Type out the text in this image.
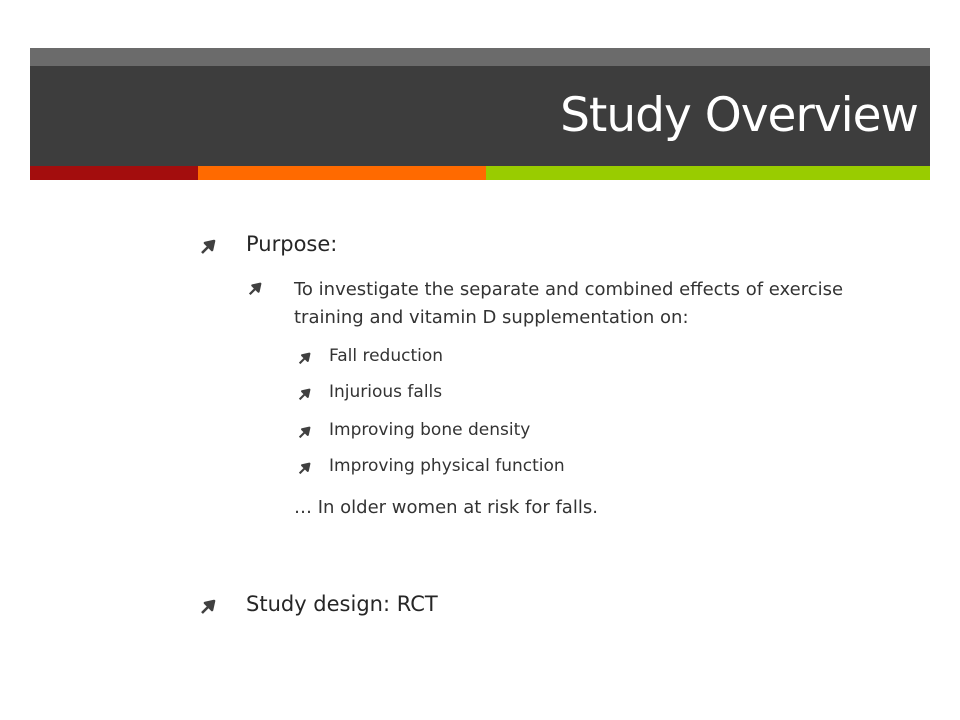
Study Overview
Purpose:
To investigate the separate and combined effects of exercise training and vitamin D supplementation on:
Fall reduction
Injurious falls
Improving bone density
Improving physical function
… In older women at risk for falls.
Study design: RCT
